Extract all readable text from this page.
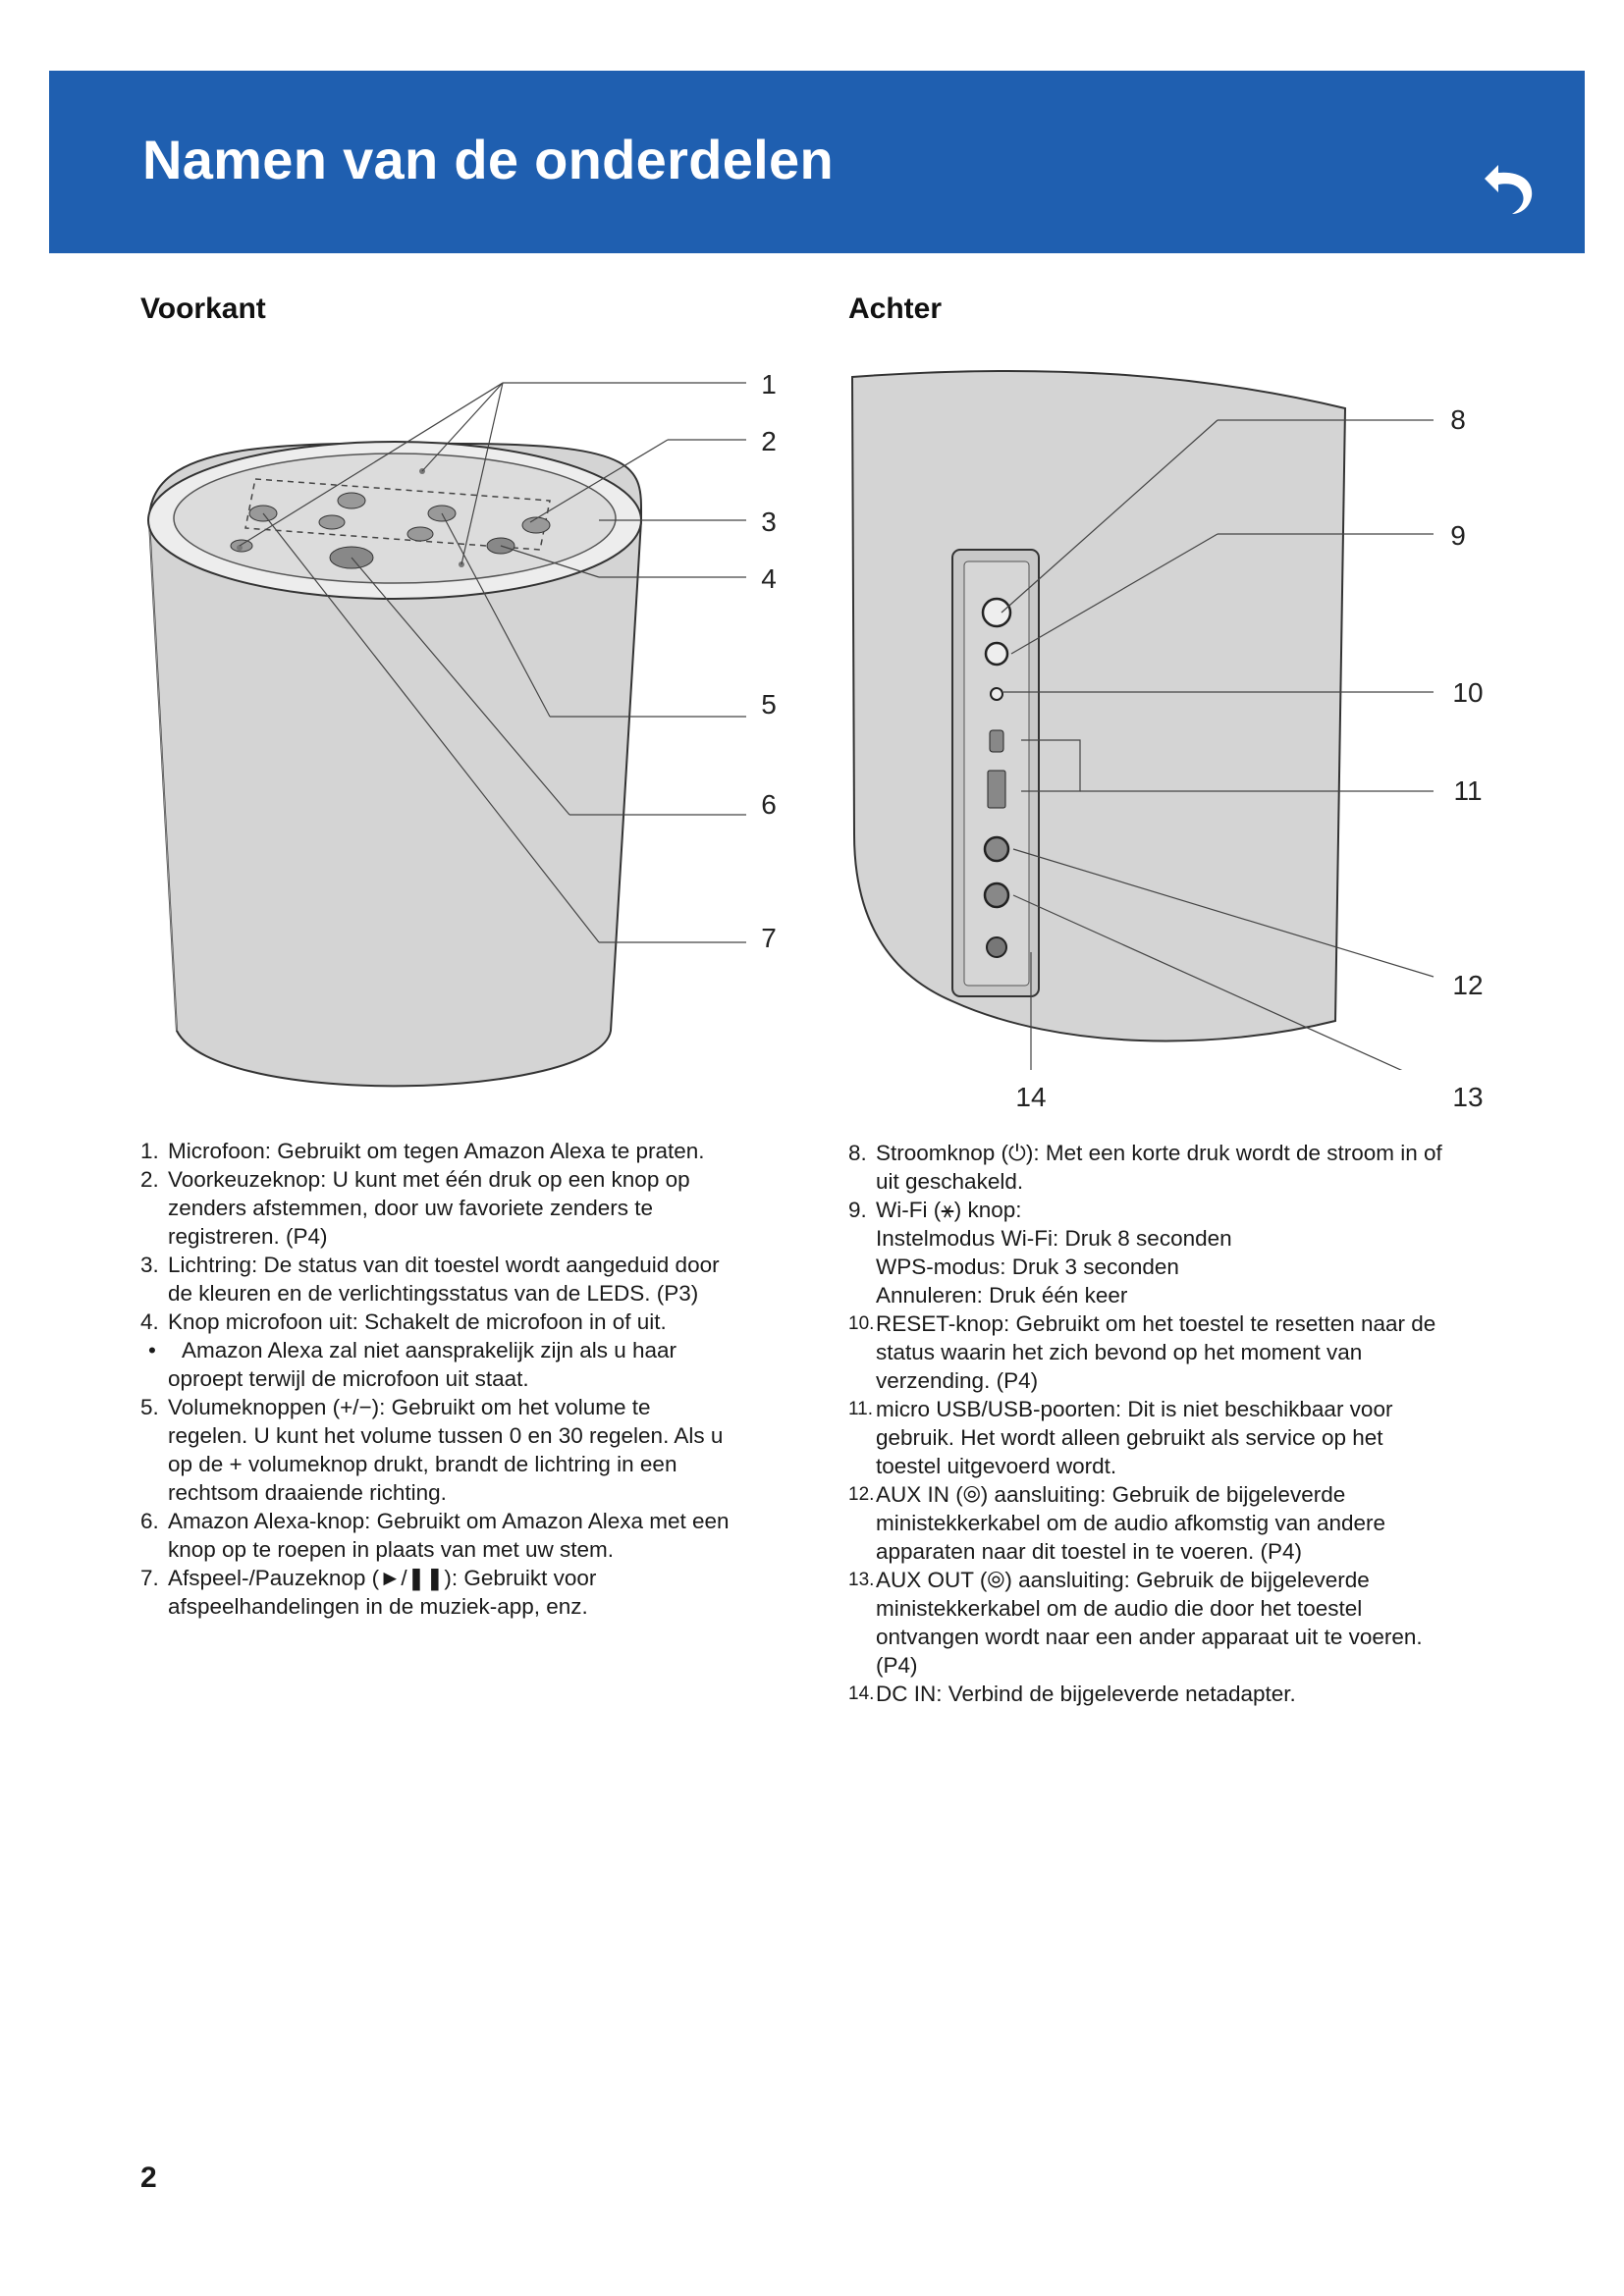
Namen van de onderdelen
Voorkant	Achter
1
2
3
4
5
6
7
8
9
10
11
12
13
14
1. Microfoon: Gebruikt om tegen Amazon Alexa te praten.
2. Voorkeuzeknop: U kunt met één druk op een knop op
zenders afstemmen, door uw favoriete zenders te
registreren. (P4)
3. Lichtring: De status van dit toestel wordt aangeduid door
de kleuren en de verlichtingsstatus van de LEDS. (P3)
4. Knop microfoon uit: Schakelt de microfoon in of uit.
• Amazon Alexa zal niet aansprakelijk zijn als u haar
oproept terwijl de microfoon uit staat.
5. Volumeknoppen (+/−): Gebruikt om het volume te
regelen. U kunt het volume tussen 0 en 30 regelen. Als u
op de + volumeknop drukt, brandt de lichtring in een
rechtsom draaiende richting.
6. Amazon Alexa-knop: Gebruikt om Amazon Alexa met een
knop op te roepen in plaats van met uw stem.
7. Afspeel-/Pauzeknop (►/❚❚): Gebruikt voor
afspeelhandelingen in de muziek-app, enz.
8. Stroomknop (⏻): Met een korte druk wordt de stroom in of
uit geschakeld.
9. Wi-Fi (⚹) knop:
Instelmodus Wi-Fi: Druk 8 seconden
WPS-modus: Druk 3 seconden
Annuleren: Druk één keer
10. RESET-knop: Gebruikt om het toestel te resetten naar de
status waarin het zich bevond op het moment van
verzending. (P4)
11. micro USB/USB-poorten: Dit is niet beschikbaar voor
gebruik. Het wordt alleen gebruikt als service op het
toestel uitgevoerd wordt.
12. AUX IN (⦾) aansluiting: Gebruik de bijgeleverde
ministekkerkabel om de audio afkomstig van andere
apparaten naar dit toestel in te voeren. (P4)
13. AUX OUT (⦾) aansluiting: Gebruik de bijgeleverde
ministekkerkabel om de audio die door het toestel
ontvangen wordt naar een ander apparaat uit te voeren.
(P4)
14. DC IN: Verbind de bijgeleverde netadapter.
2
